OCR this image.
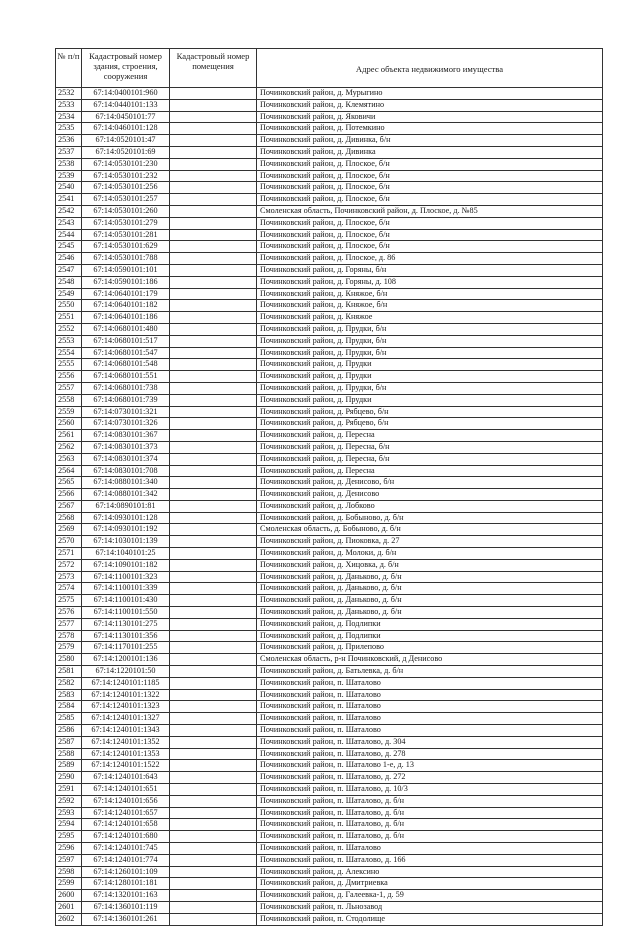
№ п/п	Кадастровый номер здания, строения, сооружения	Кадастровый номер помещения	Адрес объекта недвижимого имущества
2532	67:14:0400101:960		Починковский район, д. Мурыгино
2533	67:14:0440101:133		Починковский район, д. Клемятино
2534	67:14:0450101:77		Починковский район, д. Яковичи
2535	67:14:0460101:128		Починковский район, д. Потемкино
2536	67:14:0520101:47		Починковский район, д. Дивинка, б/н
2537	67:14:0520101:69		Починковский район, д. Дивинка
2538	67:14:0530101:230		Починковский район, д. Плоское, б/н
2539	67:14:0530101:232		Починковский район, д. Плоское, б/н
2540	67:14:0530101:256		Починковский район, д. Плоское, б/н
2541	67:14:0530101:257		Починковский район, д. Плоское, б/н
2542	67:14:0530101:260		Смоленская область, Починковский район, д. Плоское, д. №85
2543	67:14:0530101:279		Починковский район, д. Плоское, б/н
2544	67:14:0530101:281		Починковский район, д. Плоское, б/н
2545	67:14:0530101:629		Починковский район, д. Плоское, б/н
2546	67:14:0530101:788		Починковский район, д. Плоское, д. 86
2547	67:14:0590101:101		Починковский район, д. Горяны, б/н
2548	67:14:0590101:186		Починковский район, д. Горяны, д. 108
2549	67:14:0640101:179		Починковский район, д. Княжое, б/н
2550	67:14:0640101:182		Починковский район, д. Княжое, б/н
2551	67:14:0640101:186		Починковский район, д. Княжое
2552	67:14:0680101:480		Починковский район, д. Прудки, б/н
2553	67:14:0680101:517		Починковский район, д. Прудки, б/н
2554	67:14:0680101:547		Починковский район, д. Прудки, б/н
2555	67:14:0680101:548		Починковский район, д. Прудки
2556	67:14:0680101:551		Починковский район, д. Прудки
2557	67:14:0680101:738		Починковский район, д. Прудки, б/н
2558	67:14:0680101:739		Починковский район, д. Прудки
2559	67:14:0730101:321		Починковский район, д. Рябцево, б/н
2560	67:14:0730101:326		Починковский район, д. Рябцево, б/н
2561	67:14:0830101:367		Починковский район, д. Пересна
2562	67:14:0830101:373		Починковский район, д. Пересна, б/н
2563	67:14:0830101:374		Починковский район, д. Пересна, б/н
2564	67:14:0830101:708		Починковский район, д. Пересна
2565	67:14:0880101:340		Починковский район, д. Денисово, б/н
2566	67:14:0880101:342		Починковский район, д. Денисово
2567	67:14:0890101:81		Починковский район, д. Лобково
2568	67:14:0930101:128		Починковский район, д. Бобыново, д. б/н
2569	67:14:0930101:192		Смоленская область, д. Бобыново, д. б/н
2570	67:14:1030101:139		Починковский район, д. Пиоковка, д. 27
2571	67:14:1040101:25		Починковский район, д. Молоки, д. б/н
2572	67:14:1090101:182		Починковский район, д. Хицовка, д. б/н
2573	67:14:1100101:323		Починковский район, д. Даньково, д. б/н
2574	67:14:1100101:339		Починковский район, д. Даньково, д. б/н
2575	67:14:1100101:430		Починковский район, д. Даньково, д. б/н
2576	67:14:1100101:550		Починковский район, д. Даньково, д. б/н
2577	67:14:1130101:275		Починковский район, д. Подлипки
2578	67:14:1130101:356		Починковский район, д. Подлипки
2579	67:14:1170101:255		Починковский район, д. Прилепово
2580	67:14:1200101:136		Смоленская область, р-н Починковский, д Денисово
2581	67:14:1220101:50		Починковский район, д. Батьлевка, д. б/н
2582	67:14:1240101:1185		Починковский район, п. Шаталово
2583	67:14:1240101:1322		Починковский район, п. Шаталово
2584	67:14:1240101:1323		Починковский район, п. Шаталово
2585	67:14:1240101:1327		Починковский район, п. Шаталово
2586	67:14:1240101:1343		Починковский район, п. Шаталово
2587	67:14:1240101:1352		Починковский район, п. Шаталово, д. 304
2588	67:14:1240101:1353		Починковский район, п. Шаталово, д. 278
2589	67:14:1240101:1522		Починковский район, п. Шаталово 1-е, д. 13
2590	67:14:1240101:643		Починковский район, п. Шаталово, д. 272
2591	67:14:1240101:651		Починковский район, п. Шаталово, д. 10/3
2592	67:14:1240101:656		Починковский район, п. Шаталово, д. б/н
2593	67:14:1240101:657		Починковский район, п. Шаталово, д. б/н
2594	67:14:1240101:658		Починковский район, п. Шаталово, д. б/н
2595	67:14:1240101:680		Починковский район, п. Шаталово, д. б/н
2596	67:14:1240101:745		Починковский район, п. Шаталово
2597	67:14:1240101:774		Починковский район, п. Шаталово, д. 166
2598	67:14:1260101:109		Починковский район, д. Алексино
2599	67:14:1280101:181		Починковский район, д. Дмитриевка
2600	67:14:1320101:163		Починковский район, д. Галеевка-1, д. 59
2601	67:14:1360101:119		Починковский район, п. Льнозавод
2602	67:14:1360101:261		Починковский район, п. Стодолище
